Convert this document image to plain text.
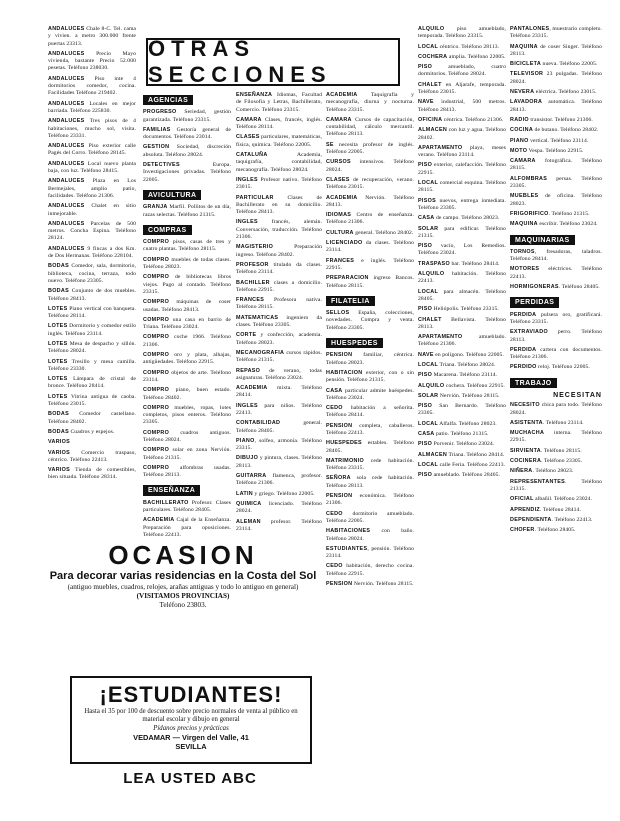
OTRAS SECCIONES

ANDALUCES Chale 8-C. Tel. cama y vivien. a metro 300.000 frente puertas 23313.

ANDALUCES Precio Mayo vivienda, bastante Precio 52.000 pesetas. Teléfono 238030.

ANDALUCES Piso inte 4 dormitorios comedor, cocina. Facilidades Teléfono 219402.

ANDALUCES Locales en mejor barriada. Teléfono 225830.

ANDALUCES Tres pisos de 4 habitaciones, mucho sol, visita. Teléfono 23331.

ANDALUCES Piso exterior calle Pagés del Corro. Teléfono 28145.

ANDALUCES Local nuevo planta baja, con luz. Teléfono 28415.

ANDALUCES Plaza en Los Bermejales, amplio patio, facilidades. Teléfono 21306.

ANDALUCES Chalet en sitio inmejorable.

ANDALUCES Parcelas de 500 metros. Concha Espina. Teléfono 28124.

ANDALUCES 9 fincas a dos Km. de Dos Hermanas. Teléfono 228104.

BODAS Comedor, sala, dormitorio, biblioteca, cocina, terraza, todo nuevo. Teléfono 23305.

BODAS Conjunto de dos muebles. Teléfono 28413.

LOTES Piano vertical con banqueta. Teléfono 28114.

LOTES Dormitorio y comedor estilo inglés. Teléfono 23114.

LOTES Mesa de despacho y sillón. Teléfono 28024.

LOTES Tresillo y mesa camilla. Teléfono 23330.

LOTES Lámpara de cristal de bronce. Teléfono 28414.

LOTES Vitrina antigua de caoba. Teléfono 23015.

BODAS Comedor castellano. Teléfono 28402.

BODAS Cuadros y espejos.

VARIOS

VARIOS Comercio traspaso, céntrico. Teléfono 22413.

VARIOS Tienda de comestibles, bien situada. Teléfono 28314.

AGENCIAS

PROGRESO Seriedad, gestión garantizada. Teléfono 23315.

FAMILIAS Gestoría general de documentos. Teléfono 23014.

GESTION Sociedad, discreción absoluta. Teléfono 28024.

DETECTIVES Europa. Investigaciones privadas. Teléfono 22005.

AVICULTURA

GRANJA Marfil. Pollitos de un día, razas selectas. Teléfono 21315.

COMPRAS

COMPRO pisos, casas de tres y cuatro plantas. Teléfono 28115.

COMPRO muebles de todas clases. Teléfono 28023.

COMPRO de bibliotecas libros viejos. Pago al contado. Teléfono 23315.

COMPRO máquinas de coser usadas. Teléfono 28413.

COMPRO una casa en barrio de Triana. Teléfono 23024.

COMPRO coche 1966. Teléfono 21306.

COMPRO oro y plata, alhajas, antigüedades. Teléfono 22915.

COMPRO objetos de arte. Teléfono 23114.

COMPRO piano, buen estado. Teléfono 28402.

COMPRO muebles, ropas, lotes completos, pisos enteros. Teléfono 23305.

COMPRO cuadros antiguos. Teléfono 28024.

COMPRO solar en zona Nervión. Teléfono 21315.

COMPRO alfombras usadas. Teléfono 28113.

ENSEÑANZA

BACHILLERATO Profesor. Clases particulares. Teléfono 28405.

ACADEMIA Cajal de la Enseñanza. Preparación para oposiciones. Teléfono 22413.

ENSEÑANZA Idiomas, Facultad de Filosofía y Letras, Bachillerato, Comercio. Teléfono 23315.

CAMARA Clases, francés, inglés. Teléfono 28114.

CLASES particulares, matemáticas, física, química. Teléfono 22005.

CATALUÑA Academia, taquigrafía, contabilidad, mecanografía. Teléfono 28024.

INGLES Profesor nativo. Teléfono 23015.

PARTICULAR Clases de Bachillerato en su domicilio. Teléfono 28413.

INGLES francés, alemán. Conversación, traducción. Teléfono 21306.

MAGISTERIO Preparación ingreso. Teléfono 28402.

PROFESOR titulado da clases. Teléfono 23114.

BACHILLER clases a domicilio. Teléfono 22915.

FRANCES Profesora nativa. Teléfono 28115.

MATEMATICAS ingeniero da clases. Teléfono 23305.

CORTE y confección, academia. Teléfono 28023.

MECANOGRAFIA cursos rápidos. Teléfono 21315.

REPASO de verano, todas asignaturas. Teléfono 23024.

ACADEMIA mixta. Teléfono 28414.

INGLES para niños. Teléfono 22413.

CONTABILIDAD general. Teléfono 28405.

PIANO, solfeo, armonía. Teléfono 23315.

DIBUJO y pintura, clases. Teléfono 28113.

GUITARRA flamenca, profesor. Teléfono 21306.

LATIN y griego. Teléfono 22005.

QUIMICA licenciado. Teléfono 28024.

ALEMAN profesor. Teléfono 23114.

ACADEMIA Taquigrafía y mecanografía, diurna y nocturna. Teléfono 23315.

CAMARA Cursos de capacitación, contabilidad, cálculo mercantil. Teléfono 28113.

SE necesita profesor de inglés. Teléfono 22005.

CURSOS intensivos. Teléfono 28024.

CLASES de recuperación, verano. Teléfono 23015.

ACADEMIA Nervión. Teléfono 28413.

IDIOMAS Centro de enseñanza. Teléfono 21306.

CULTURA general. Teléfono 28402.

LICENCIADO da clases. Teléfono 23114.

FRANCES e inglés. Teléfono 22915.

PREPARACION ingreso Bancos. Teléfono 28115.

FILATELIA

SELLOS España, colecciones, novedades. Compra y venta. Teléfono 23305.

HUESPEDES

PENSION familiar, céntrica. Teléfono 28023.

HABITACION exterior, con o sin pensión. Teléfono 21315.

CASA particular admite huéspedes. Teléfono 23024.

CEDO habitación a señorita. Teléfono 28414.

PENSION completa, caballeros. Teléfono 22413.

HUESPEDES estables. Teléfono 28405.

MATRIMONIO cede habitación. Teléfono 23315.

SEÑORA sola cede habitación. Teléfono 28113.

PENSION económica. Teléfono 21306.

CEDO dormitorio amueblado. Teléfono 22005.

HABITACIONES con baño. Teléfono 28024.

ESTUDIANTES, pensión. Teléfono 23114.

CEDO habitación, derecho cocina. Teléfono 22915.

PENSION Nervión. Teléfono 28115.

ALQUILO piso amueblado, temporada. Teléfono 23315.

LOCAL céntrico. Teléfono 28113.

COCHERA amplia. Teléfono 22005.

PISO amueblado, cuatro dormitorios. Teléfono 28024.

CHALET en Aljarafe, temporada. Teléfono 23015.

NAVE industrial, 500 metros. Teléfono 28413.

OFICINA céntrica. Teléfono 21306.

ALMACEN con luz y agua. Teléfono 28402.

APARTAMENTO playa, meses verano. Teléfono 23114.

PISO exterior, calefacción. Teléfono 22915.

LOCAL comercial esquina. Teléfono 28115.

PISOS nuevos, entrega inmediata. Teléfono 23305.

CASA de campo. Teléfono 28023.

SOLAR para edificar. Teléfono 21315.

PISO vacío, Los Remedios. Teléfono 23024.

TRASPASO bar. Teléfono 28414.

ALQUILO habitación. Teléfono 22413.

LOCAL para almacén. Teléfono 28405.

PISO Heliópolis. Teléfono 23315.

CHALET Bellavista. Teléfono 28113.

APARTAMENTO amueblado. Teléfono 21306.

NAVE en polígono. Teléfono 22005.

LOCAL Triana. Teléfono 28024.

PISO Macarena. Teléfono 23114.

ALQUILO cochera. Teléfono 22915.

SOLAR Nervión. Teléfono 28115.

PISO San Bernardo. Teléfono 23305.

LOCAL Alfalfa. Teléfono 28023.

CASA patio. Teléfono 21315.

PISO Porvenir. Teléfono 23024.

ALMACEN Triana. Teléfono 28414.

LOCAL calle Feria. Teléfono 22413.

PISO amueblado. Teléfono 28405.

PANTALONES, muestrario completo. Teléfono 23315.

MAQUINA de coser Singer. Teléfono 28113.

BICICLETA nueva. Teléfono 22005.

TELEVISOR 23 pulgadas. Teléfono 28024.

NEVERA eléctrica. Teléfono 23015.

LAVADORA automática. Teléfono 28413.

RADIO transistor. Teléfono 21306.

COCINA de butano. Teléfono 28402.

PIANO vertical. Teléfono 23114.

MOTO Vespa. Teléfono 22915.

CAMARA fotográfica. Teléfono 28115.

ALFOMBRAS persas. Teléfono 23305.

MUEBLES de oficina. Teléfono 28023.

FRIGORIFICO. Teléfono 21315.

MAQUINA escribir. Teléfono 23024.

MAQUINARIAS

TORNOS, fresadoras, taladros. Teléfono 28414.

MOTORES eléctricos. Teléfono 22413.

HORMIGONERAS. Teléfono 28405.

PERDIDAS

PERDIDA pulsera oro, gratificará. Teléfono 23315.

EXTRAVIADO perro. Teléfono 28113.

PERDIDA cartera con documentos. Teléfono 21306.

PERDIDO reloj. Teléfono 22005.

TRABAJO
NECESITAN

NECESITO chica para todo. Teléfono 28024.

ASISTENTA. Teléfono 23114.

MUCHACHA interna. Teléfono 22915.

SIRVIENTA. Teléfono 28115.

COCINERA. Teléfono 23305.

NIÑERA. Teléfono 28023.

REPRESENTANTES. Teléfono 21315.

OFICIAL albañil. Teléfono 23024.

APRENDIZ. Teléfono 28414.

DEPENDIENTA. Teléfono 22413.

CHOFER. Teléfono 28405.

OCASION
Para decorar varias residencias en la Costa del Sol
(antiguo muebles, cuadros, relojes, arañas antiguas y todo lo antiguo en general)
(VISITAMOS PROVINCIAS)
Teléfono 23803.
¡ESTUDIANTES!
Hasta el 35 por 100 de descuento sobre precio normales de venta al público en material escolar y dibujo en general
Pídanos precios y prácticas
VEDAMAR — Virgen del Valle, 41
SEVILLA
LEA USTED ABC
